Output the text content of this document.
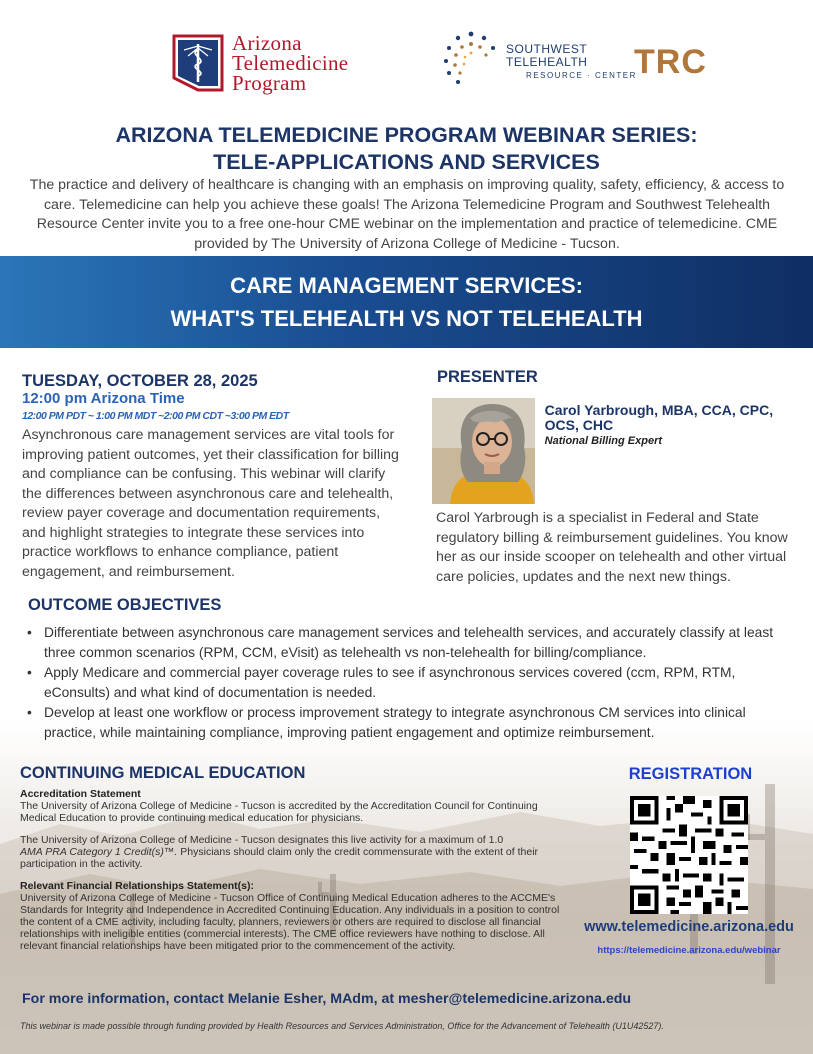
Arizona
Telemedicine
Program
SOUTHWEST
TELEHEALTH	TRC
RESOURCE · CENTER
ARIZONA TELEMEDICINE PROGRAM WEBINAR SERIES:
TELE-APPLICATIONS AND SERVICES
The practice and delivery of healthcare is changing with an emphasis on improving quality, safety, efficiency, & access to care. Telemedicine can help you achieve these goals! The Arizona Telemedicine Program and Southwest Telehealth Resource Center invite you to a free one-hour CME webinar on the implementation and practice of telemedicine. CME provided by The University of Arizona College of Medicine - Tucson.
CARE MANAGEMENT SERVICES:
WHAT'S TELEHEALTH VS NOT TELEHEALTH
TUESDAY, OCTOBER 28, 2025
12:00 pm Arizona Time
12:00 PM PDT ~ 1:00 PM MDT ~2:00 PM CDT ~3:00 PM EDT
Asynchronous care management services are vital tools for improving patient outcomes, yet their classification for billing and compliance can be confusing. This webinar will clarify the differences between asynchronous care and telehealth, review payer coverage and documentation requirements, and highlight strategies to integrate these services into practice workflows to enhance compliance, patient engagement, and reimbursement.
PRESENTER
Carol Yarbrough, MBA, CCA, CPC, OCS, CHC
National Billing Expert
Carol Yarbrough is a specialist in Federal and State regulatory billing & reimbursement guidelines. You know her as our inside scooper on telehealth and other virtual care policies, updates and the next new things.
OUTCOME OBJECTIVES
• Differentiate between asynchronous care management services and telehealth services, and accurately classify at least three common scenarios (RPM, CCM, eVisit) as telehealth vs non-telehealth for billing/compliance.
• Apply Medicare and commercial payer coverage rules to see if asynchronous services covered (ccm, RPM, RTM, eConsults) and what kind of documentation is needed.
• Develop at least one workflow or process improvement strategy to integrate asynchronous CM services into clinical practice, while maintaining compliance, improving patient engagement and optimize reimbursement.
CONTINUING MEDICAL EDUCATION
Accreditation Statement
The University of Arizona College of Medicine - Tucson is accredited by the Accreditation Council for Continuing Medical Education to provide continuing medical education for physicians.
The University of Arizona College of Medicine - Tucson designates this live activity for a maximum of 1.0
AMA PRA Category 1 Credit(s)™. Physicians should claim only the credit commensurate with the extent of their participation in the activity.
Relevant Financial Relationships Statement(s):
University of Arizona College of Medicine - Tucson Office of Continuing Medical Education adheres to the ACCME's Standards for Integrity and Independence in Accredited Continuing Education. Any individuals in a position to control the content of a CME activity, including faculty, planners, reviewers or others are required to disclose all financial relationships with ineligible entities (commercial interests). The CME office reviewers have nothing to disclose. All relevant financial relationships have been mitigated prior to the commencement of the activity.
REGISTRATION
www.telemedicine.arizona.edu
https://telemedicine.arizona.edu/webinar
For more information, contact Melanie Esher, MAdm, at mesher@telemedicine.arizona.edu
This webinar is made possible through funding provided by Health Resources and Services Administration, Office for the Advancement of Telehealth (U1U42527).
